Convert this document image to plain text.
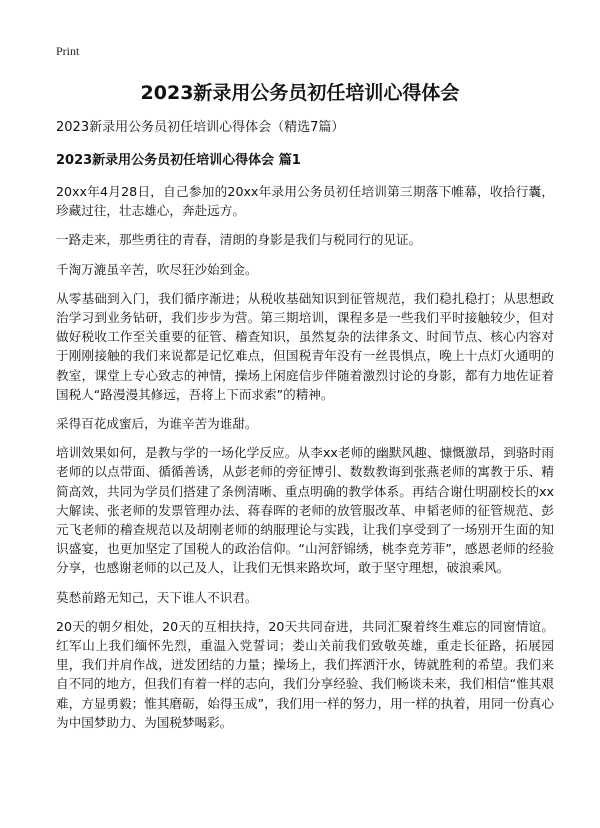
Print
2023新录用公务员初任培训心得体会
2023新录用公务员初任培训心得体会（精选7篇）
2023新录用公务员初任培训心得体会 篇1

20xx年4月28日，自己参加的20xx年录用公务员初任培训第三期落下帷幕，收拾行囊，珍藏过往，壮志雄心，奔赴远方。

一路走来，那些勇往的青春，清朗的身影是我们与税同行的见证。

千淘万漉虽辛苦，吹尽狂沙始到金。

从零基础到入门，我们循序渐进；从税收基础知识到征管规范，我们稳扎稳打；从思想政治学习到业务钻研，我们步步为营。第三期培训，课程多是一些我们平时接触较少，但对做好税收工作至关重要的征管、稽查知识，虽然复杂的法律条文、时间节点、核心内容对于刚刚接触的我们来说都是记忆难点，但国税青年没有一丝畏惧点，晚上十点灯火通明的教室，课堂上专心致志的神情，操场上闲庭信步伴随着激烈讨论的身影，都有力地佐证着国税人“路漫漫其修远，吾将上下而求索”的精神。

采得百花成蜜后，为谁辛苦为谁甜。

培训效果如何，是教与学的一场化学反应。从李xx老师的幽默风趣、慷慨激昂，到骆时雨老师的以点带面、循循善诱，从彭老师的旁征博引、数数教诲到张燕老师的寓教于乐、精简高效，共同为学员们搭建了条例清晰、重点明确的教学体系。再结合谢仕明副校长的xx大解读、张老师的发票管理办法、蒋春晖的老师的放管服改革、申韬老师的征管规范、彭元飞老师的稽查规范以及胡刚老师的纳服理论与实践，让我们享受到了一场别开生面的知识盛宴，也更加坚定了国税人的政治信仰。“山河舒锦绣，桃李竞芳菲”，感恩老师的经验分享，也感谢老师的以己及人，让我们无惧来路坎坷，敢于坚守理想，破浪乘风。

莫愁前路无知己，天下谁人不识君。

20天的朝夕相处，20天的互相扶持，20天共同奋进，共同汇聚着终生难忘的同窗情谊。红军山上我们缅怀先烈，重温入党誓词；娄山关前我们致敬英雄，重走长征路，拓展园里，我们并肩作战，迸发团结的力量；操场上，我们挥洒汗水，铸就胜利的希望。我们来自不同的地方，但我们有着一样的志向，我们分享经验、我们畅谈未来，我们相信“惟其艰难，方显勇毅；惟其磨砺，始得玉成”，我们用一样的努力，用一样的执着，用同一份真心为中国梦助力、为国税梦喝彩。
